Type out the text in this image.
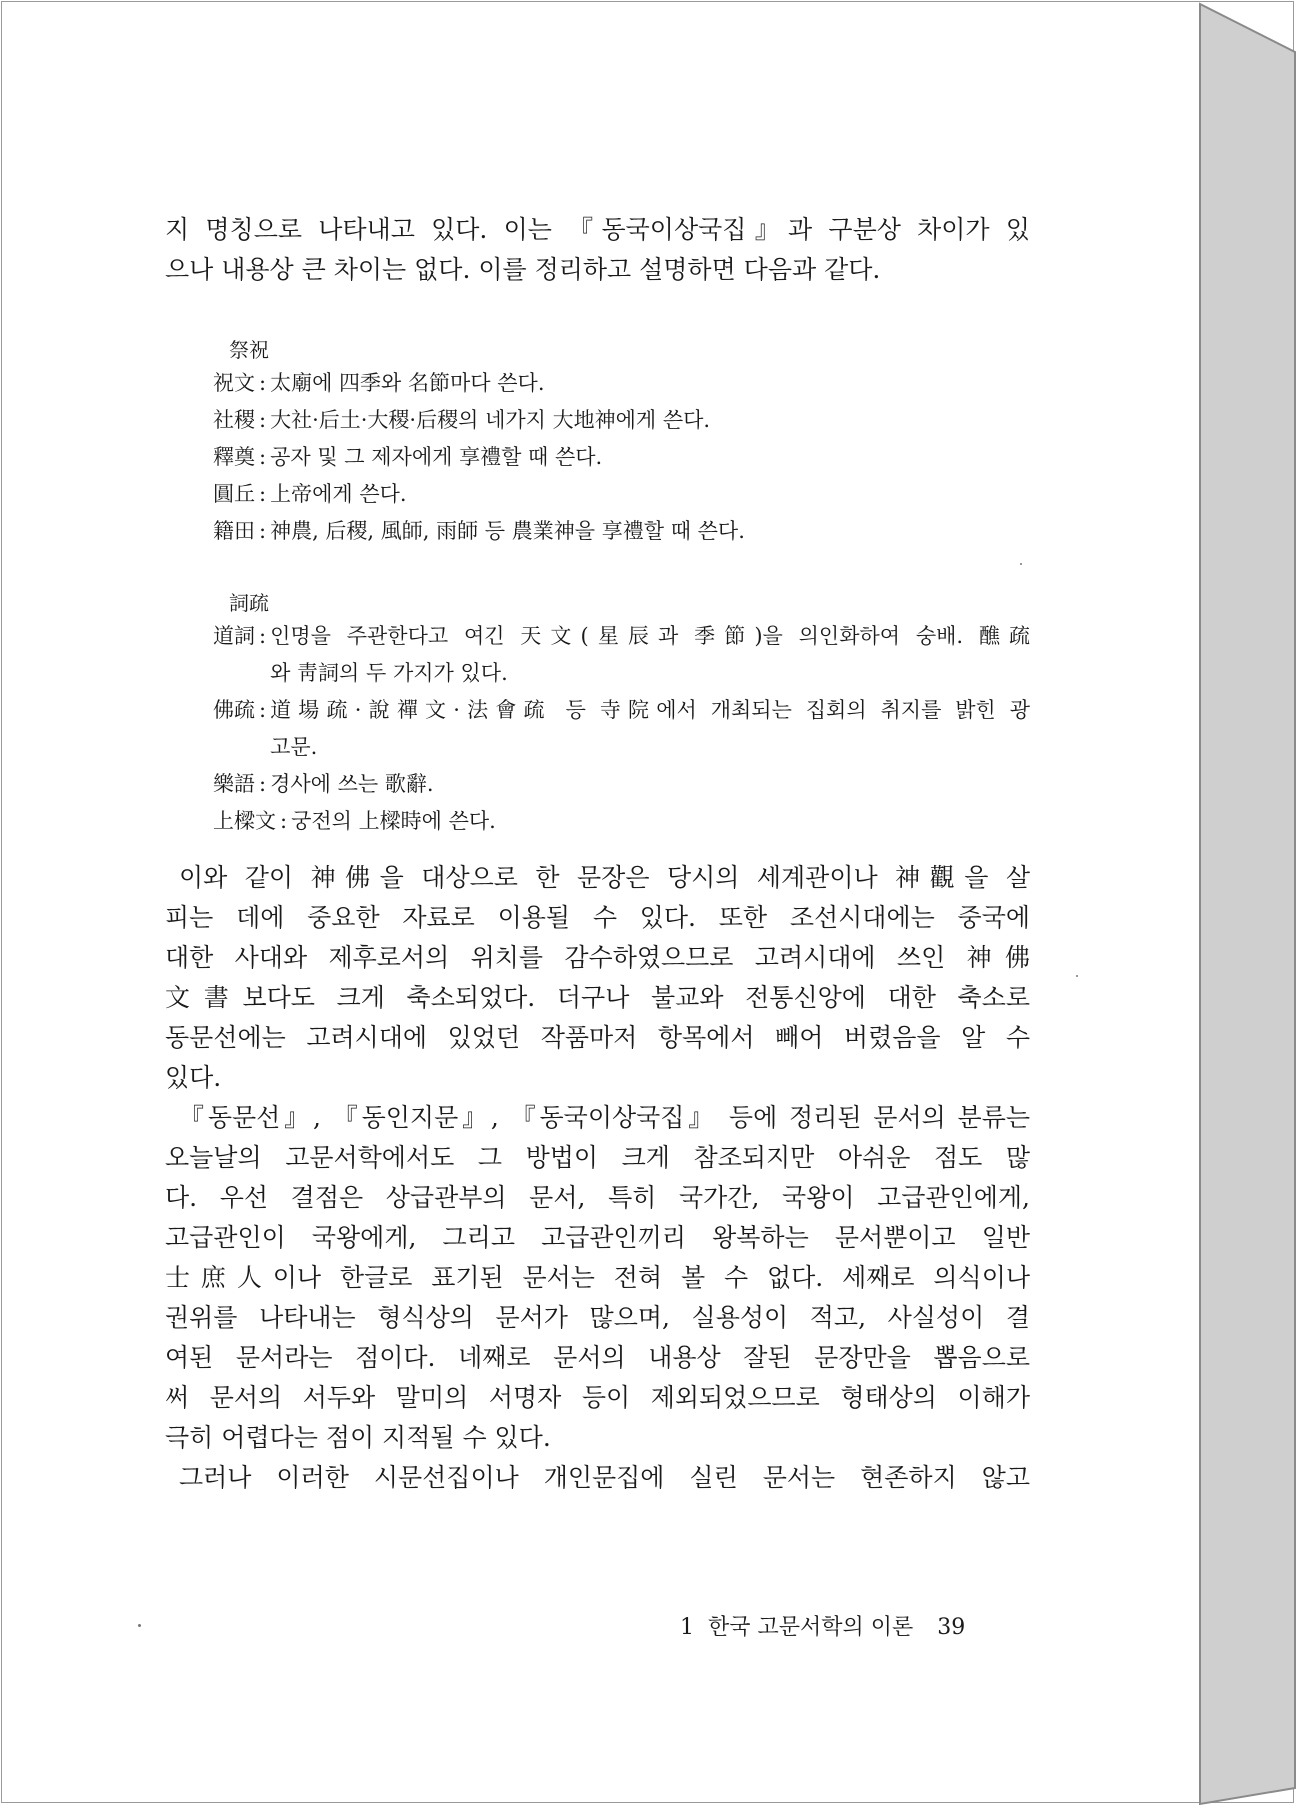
지 명칭으로 나타내고 있다. 이는 『동국이상국집』과 구분상 차이가 있
으나 내용상 큰 차이는 없다. 이를 정리하고 설명하면 다음과 같다.
祭祝
祝文 : 太廟에 四季와 名節마다 쓴다.
社稷 : 大社·后土·大稷·后稷의 네가지 大地神에게 쓴다.
釋奠 : 공자 및 그 제자에게 享禮할 때 쓴다.
圓丘 : 上帝에게 쓴다.
籍田 : 神農, 后稷, 風師, 雨師 등 農業神을 享禮할 때 쓴다.
詞疏
道詞 : 인명을 주관한다고 여긴 天文(星辰과 季節)을 의인화하여 숭배. 醮疏
와 靑詞의 두 가지가 있다.
佛疏 : 道場疏·說禪文·法會疏 등 寺院에서 개최되는 집회의 취지를 밝힌 광
고문.
樂語 : 경사에 쓰는 歌辭.
上樑文 : 궁전의 上樑時에 쓴다.
이와 같이 神佛을 대상으로 한 문장은 당시의 세계관이나 神觀을 살
피는 데에 중요한 자료로 이용될 수 있다. 또한 조선시대에는 중국에
대한 사대와 제후로서의 위치를 감수하였으므로 고려시대에 쓰인 神佛
文書보다도 크게 축소되었다. 더구나 불교와 전통신앙에 대한 축소로
동문선에는 고려시대에 있었던 작품마저 항목에서 빼어 버렸음을 알 수
있다.
『동문선』, 『동인지문』, 『동국이상국집』 등에 정리된 문서의 분류는
오늘날의 고문서학에서도 그 방법이 크게 참조되지만 아쉬운 점도 많
다. 우선 결점은 상급관부의 문서, 특히 국가간, 국왕이 고급관인에게,
고급관인이 국왕에게, 그리고 고급관인끼리 왕복하는 문서뿐이고 일반
士庶人이나 한글로 표기된 문서는 전혀 볼 수 없다. 세째로 의식이나
권위를 나타내는 형식상의 문서가 많으며, 실용성이 적고, 사실성이 결
여된 문서라는 점이다. 네째로 문서의 내용상 잘된 문장만을 뽑음으로
써 문서의 서두와 말미의 서명자 등이 제외되었으므로 형태상의 이해가
극히 어렵다는 점이 지적될 수 있다.
그러나 이러한 시문선집이나 개인문집에 실린 문서는 현존하지 않고
1 한국 고문서학의 이론 39
